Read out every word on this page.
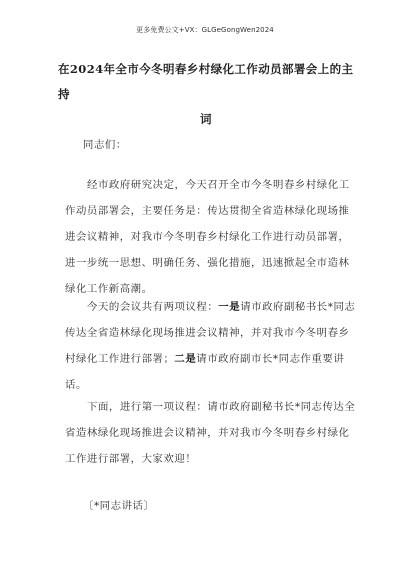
更多免费公文+VX：GLGeGongWen2024
在2024年全市今冬明春乡村绿化工作动员部署会上的主持
词

同志们：

经市政府研究决定，今天召开全市今冬明春乡村绿化工作动员部署会，主要任务是：传达贯彻全省造林绿化现场推进会议精神，对我市今冬明春乡村绿化工作进行动员部署，进一步统一思想、明确任务、强化措施，迅速掀起全市造林绿化工作新高潮。

今天的会议共有两项议程：一是请市政府副秘书长*同志传达全省造林绿化现场推进会议精神，并对我市今冬明春乡村绿化工作进行部署；二是请市政府副市长*同志作重要讲话。

下面，进行第一项议程：请市政府副秘书长*同志传达全省造林绿化现场推进会议精神，并对我市今冬明春乡村绿化工作进行部署，大家欢迎！

〔*同志讲话〕
